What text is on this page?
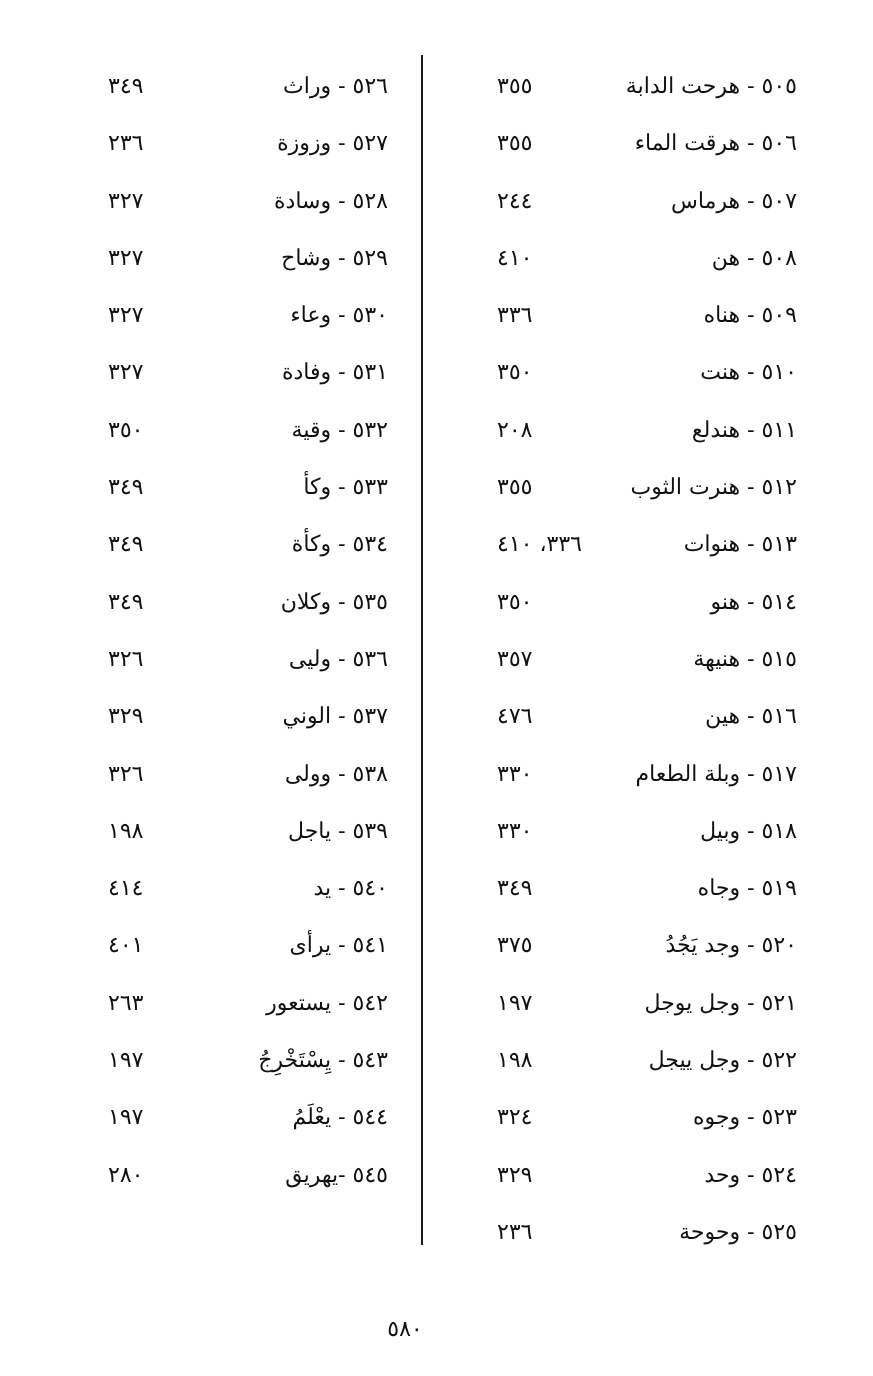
٥٠٥ - هرحت الدابة
٣٥٥
٥٠٦ - هرقت الماء
٣٥٥
٥٠٧ - هرماس
٢٤٤
٥٠٨ - هن
٤١٠
٥٠٩ - هناه
٣٣٦
٥١٠ - هنت
٣٥٠
٥١١ - هندلع
٢٠٨
٥١٢ - هنرت الثوب
٣٥٥
٥١٣ - هنوات
٣٣٦، ٤١٠
٥١٤ - هنو
٣٥٠
٥١٥ - هنيهة
٣٥٧
٥١٦ - هين
٤٧٦
٥١٧ - وبلة الطعام
٣٣٠
٥١٨ - وبيل
٣٣٠
٥١٩ - وجاه
٣٤٩
٥٢٠ - وجد يَجُدُ
٣٧٥
٥٢١ - وجل يوجل
١٩٧
٥٢٢ - وجل ييجل
١٩٨
٥٢٣ - وجوه
٣٢٤
٥٢٤ - وحد
٣٢٩
٥٢٥ - وحوحة
٢٣٦
٥٢٦ - وراث
٣٤٩
٥٢٧ - وزوزة
٢٣٦
٥٢٨ - وسادة
٣٢٧
٥٢٩ - وشاح
٣٢٧
٥٣٠ - وعاء
٣٢٧
٥٣١ - وفادة
٣٢٧
٥٣٢ - وقية
٣٥٠
٥٣٣ - وكأ
٣٤٩
٥٣٤ - وكأة
٣٤٩
٥٣٥ - وكلان
٣٤٩
٥٣٦ - وليى
٣٢٦
٥٣٧ - الوني
٣٢٩
٥٣٨ - وولى
٣٢٦
٥٣٩ - ياجل
١٩٨
٥٤٠ - يد
٤١٤
٥٤١ - يرأى
٤٠١
٥٤٢ - يستعور
٢٦٣
٥٤٣ - يِسْتَخْرِجُ
١٩٧
٥٤٤ - يعْلَمُ
١٩٧
٥٤٥ -يهريق
٢٨٠
٥٨٠
